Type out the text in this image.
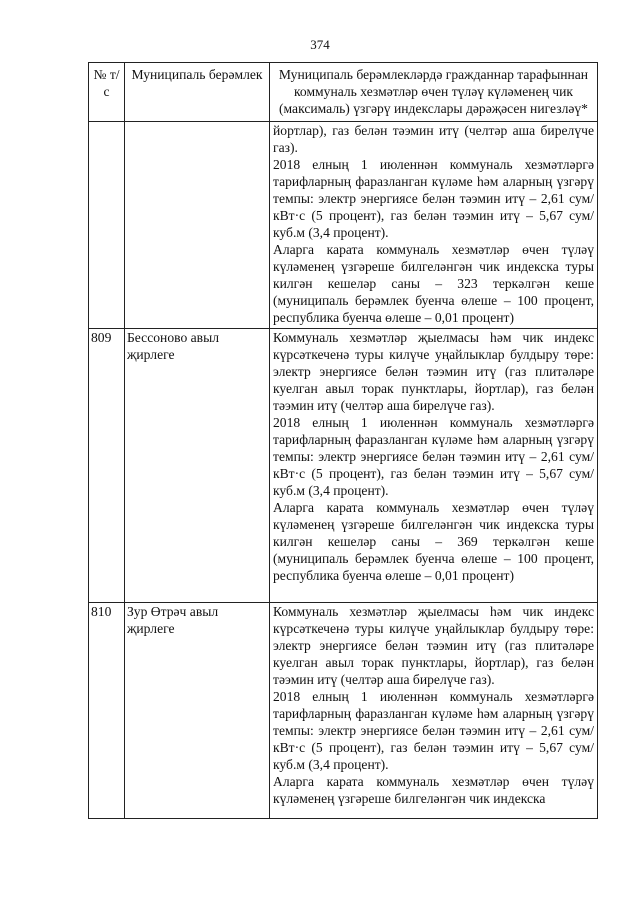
374
№ т/с	Муниципаль берәмлек	Муниципаль берәмлекләрдә гражданнар тарафыннан коммуналь хезмәтләр өчен түләү күләменең чик (максималь) үзгәрү индекслары дәрәҗәсен нигезләү*

		йортлар), газ белән тәэмин итү (челтәр аша бирелүче газ).

2018 елның 1 июленнән коммуналь хезмәтләргә тарифларның фаразланган күләме һәм аларның үзгәрү темпы: электр энергиясе белән тәэмин итү – 2,61 сум/кВт·с (5 процент), газ белән тәэмин итү – 5,67 сум/куб.м (3,4 процент).

Аларга карата коммуналь хезмәтләр өчен түләү күләменең үзгәреше билгеләнгән чик индекска туры килгән кешеләр саны – 323 теркәлгән кеше (муниципаль берәмлек буенча өлеше – 100 процент, республика буенча өлеше – 0,01 процент)

809	Бессоново авыл җирлеге	Коммуналь хезмәтләр җыелмасы һәм чик индекс күрсәткеченә туры килүче уңайлыклар булдыру төре: электр энергиясе белән тәэмин итү (газ плитәләре куелган авыл торак пунктлары, йортлар), газ белән тәэмин итү (челтәр аша бирелүче газ).

2018 елның 1 июленнән коммуналь хезмәтләргә тарифларның фаразланган күләме һәм аларның үзгәрү темпы: электр энергиясе белән тәэмин итү – 2,61 сум/кВт·с (5 процент), газ белән тәэмин итү – 5,67 сум/куб.м (3,4 процент).

Аларга карата коммуналь хезмәтләр өчен түләү күләменең үзгәреше билгеләнгән чик индекска туры килгән кешеләр саны – 369 теркәлгән кеше (муниципаль берәмлек буенча өлеше – 100 процент, республика буенча өлеше – 0,01 процент)

810	Зур Өтрәч авыл җирлеге	Коммуналь хезмәтләр җыелмасы һәм чик индекс күрсәткеченә туры килүче уңайлыклар булдыру төре: электр энергиясе белән тәэмин итү (газ плитәләре куелган авыл торак пунктлары, йортлар), газ белән тәэмин итү (челтәр аша бирелүче газ).

2018 елның 1 июленнән коммуналь хезмәтләргә тарифларның фаразланган күләме һәм аларның үзгәрү темпы: электр энергиясе белән тәэмин итү – 2,61 сум/кВт·с (5 процент), газ белән тәэмин итү – 5,67 сум/куб.м (3,4 процент).

Аларга карата коммуналь хезмәтләр өчен түләү күләменең үзгәреше билгеләнгән чик индекска
